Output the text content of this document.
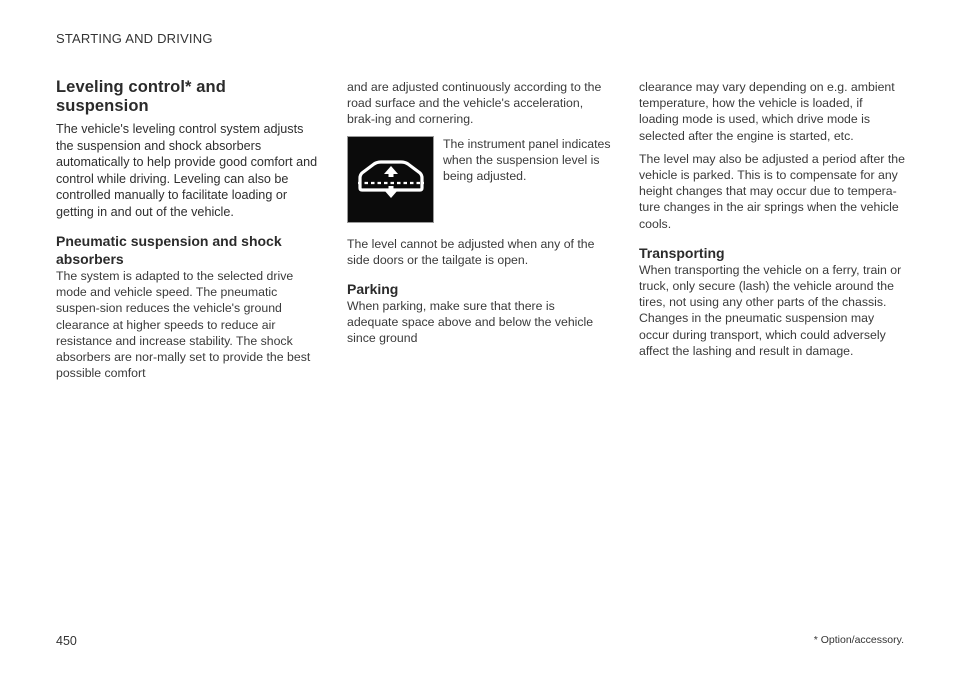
STARTING AND DRIVING
Leveling control* and suspension
The vehicle's leveling control system adjusts the suspension and shock absorbers automatically to help provide good comfort and control while driving. Leveling can also be controlled manually to facilitate loading or getting in and out of the vehicle.
Pneumatic suspension and shock absorbers

The system is adapted to the selected drive mode and vehicle speed. The pneumatic suspen-sion reduces the vehicle's ground clearance at higher speeds to reduce air resistance and increase stability. The shock absorbers are nor-mally set to provide the best possible comfort

and are adjusted continuously according to the road surface and the vehicle's acceleration, brak-ing and cornering.

The instrument panel indicates when the suspension level is being adjusted.

The level cannot be adjusted when any of the side doors or the tailgate is open.

Parking

When parking, make sure that there is adequate space above and below the vehicle since ground

clearance may vary depending on e.g. ambient temperature, how the vehicle is loaded, if loading mode is used, which drive mode is selected after the engine is started, etc.

The level may also be adjusted a period after the vehicle is parked. This is to compensate for any height changes that may occur due to tempera-ture changes in the air springs when the vehicle cools.

Transporting

When transporting the vehicle on a ferry, train or truck, only secure (lash) the vehicle around the tires, not using any other parts of the chassis. Changes in the pneumatic suspension may occur during transport, which could adversely affect the lashing and result in damage.

450	* Option/accessory.
